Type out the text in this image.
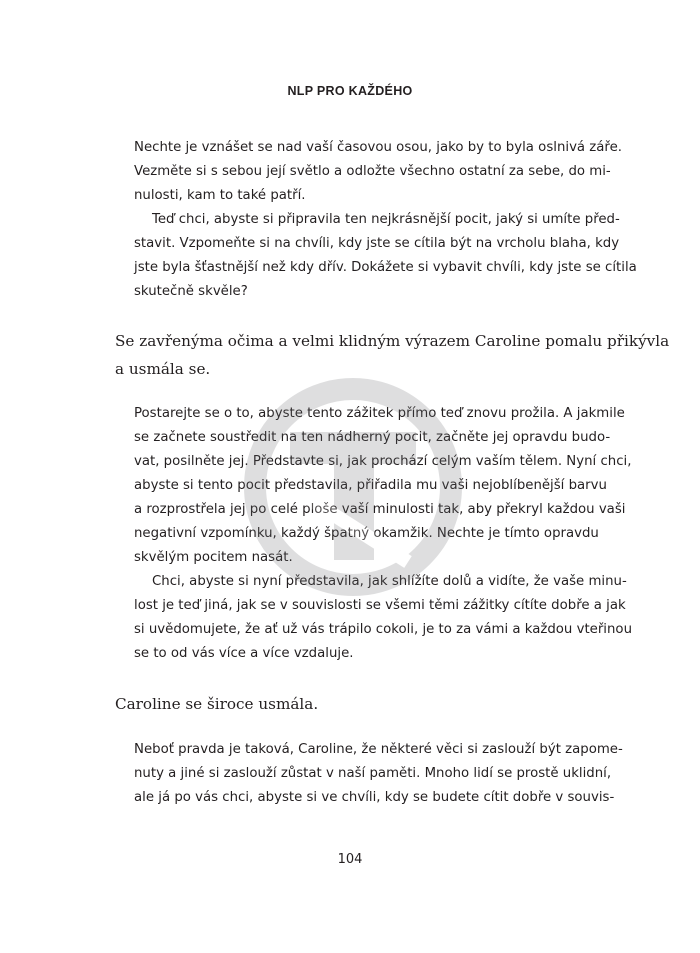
NLP PRO KAŽDÉHO
Nechte je vznášet se nad vaší časovou osou, jako by to byla oslnivá záře.
Vezměte si s sebou její světlo a odložte všechno ostatní za sebe, do mi-
nulosti, kam to také patří.
Teď chci, abyste si připravila ten nejkrásnější pocit, jaký si umíte před-
stavit. Vzpomeňte si na chvíli, kdy jste se cítila být na vrcholu blaha, kdy
jste byla šťastnější než kdy dřív. Dokážete si vybavit chvíli, kdy jste se cítila
skutečně skvěle?
Se zavřenýma očima a velmi klidným výrazem Caroline pomalu přikývla
a usmála se.
Postarejte se o to, abyste tento zážitek přímo teď znovu prožila. A jakmile
se začnete soustředit na ten nádherný pocit, začněte jej opravdu budo-
vat, posilněte jej. Představte si, jak prochází celým vaším tělem. Nyní chci,
abyste si tento pocit představila, přiřadila mu vaši nejoblíbenější barvu
a rozprostřela jej po celé ploše vaší minulosti tak, aby překryl každou vaši
negativní vzpomínku, každý špatný okamžik. Nechte je tímto opravdu
skvělým pocitem nasát.
Chci, abyste si nyní představila, jak shlížíte dolů a vidíte, že vaše minu-
lost je teď jiná, jak se v souvislosti se všemi těmi zážitky cítíte dobře a jak
si uvědomujete, že ať už vás trápilo cokoli, je to za vámi a každou vteřinou
se to od vás více a více vzdaluje.
Caroline se široce usmála.
Neboť pravda je taková, Caroline, že některé věci si zaslouží být zapome-
nuty a jiné si zaslouží zůstat v naší paměti. Mnoho lidí se prostě uklidní,
ale já po vás chci, abyste si ve chvíli, kdy se budete cítit dobře v souvis-
104
